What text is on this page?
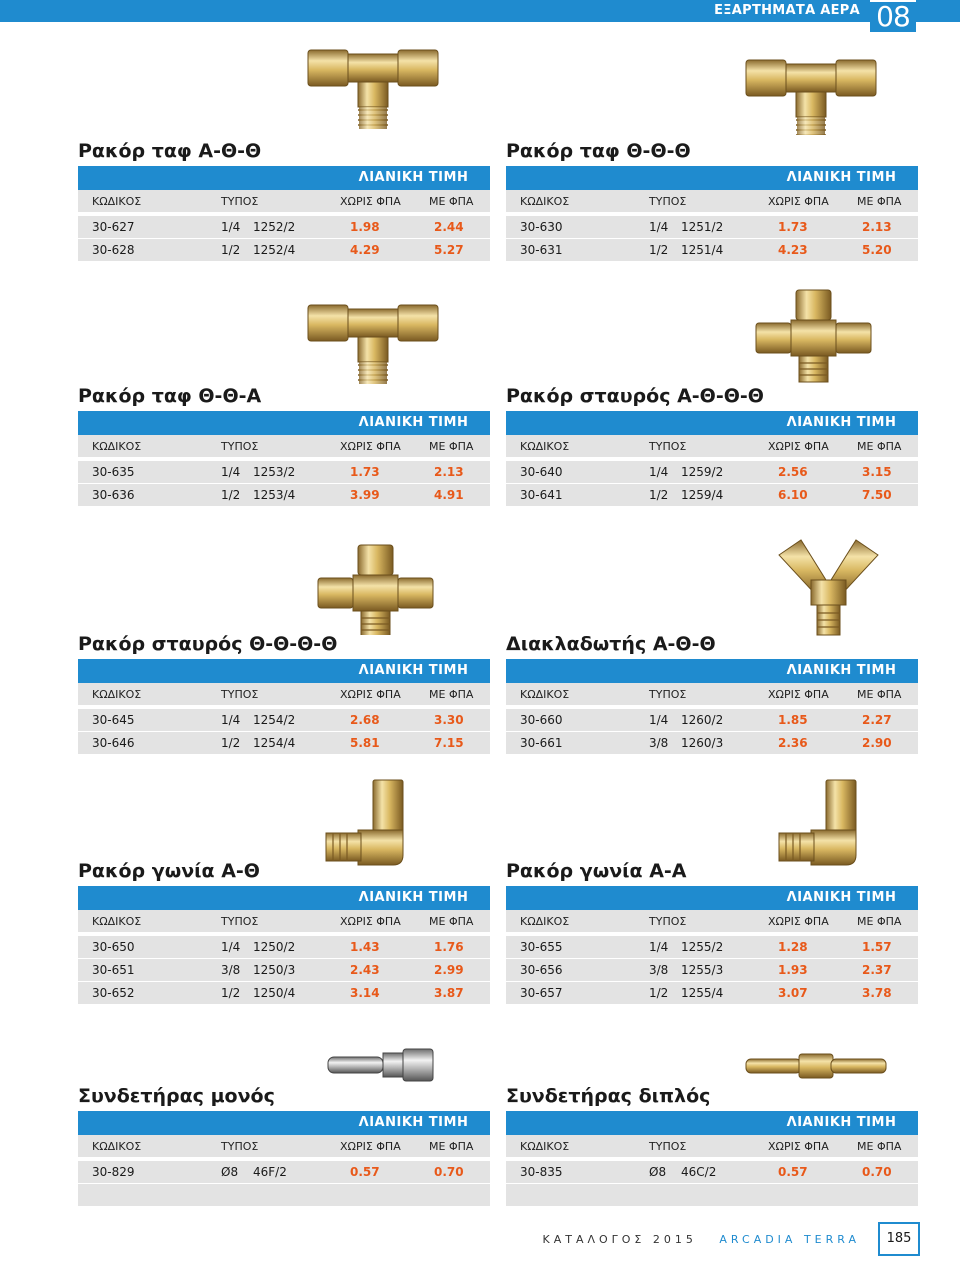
ΕΞΑΡΤΗΜΑΤΑ ΑΕΡΑ 08
Ρακόρ ταφ Α-Θ-Θ
ΛΙΑΝΙΚΗ ΤΙΜΗ
ΚΩΔΙΚΟΣ	ΤΥΠΟΣ	ΧΩΡΙΣ ΦΠΑ	ΜΕ ΦΠΑ
30-627	1/4 1252/2	1.98	2.44
30-628	1/2 1252/4	4.29	5.27
Ρακόρ ταφ Θ-Θ-Θ
ΛΙΑΝΙΚΗ ΤΙΜΗ
ΚΩΔΙΚΟΣ	ΤΥΠΟΣ	ΧΩΡΙΣ ΦΠΑ	ΜΕ ΦΠΑ
30-630	1/4 1251/2	1.73	2.13
30-631	1/2 1251/4	4.23	5.20
Ρακόρ ταφ Θ-Θ-Α
ΛΙΑΝΙΚΗ ΤΙΜΗ
ΚΩΔΙΚΟΣ	ΤΥΠΟΣ	ΧΩΡΙΣ ΦΠΑ	ΜΕ ΦΠΑ
30-635	1/4 1253/2	1.73	2.13
30-636	1/2 1253/4	3.99	4.91
Ρακόρ σταυρός Α-Θ-Θ-Θ
ΛΙΑΝΙΚΗ ΤΙΜΗ
ΚΩΔΙΚΟΣ	ΤΥΠΟΣ	ΧΩΡΙΣ ΦΠΑ	ΜΕ ΦΠΑ
30-640	1/4 1259/2	2.56	3.15
30-641	1/2 1259/4	6.10	7.50
Ρακόρ σταυρός Θ-Θ-Θ-Θ
ΛΙΑΝΙΚΗ ΤΙΜΗ
ΚΩΔΙΚΟΣ	ΤΥΠΟΣ	ΧΩΡΙΣ ΦΠΑ	ΜΕ ΦΠΑ
30-645	1/4 1254/2	2.68	3.30
30-646	1/2 1254/4	5.81	7.15
Διακλαδωτής Α-Θ-Θ
ΛΙΑΝΙΚΗ ΤΙΜΗ
ΚΩΔΙΚΟΣ	ΤΥΠΟΣ	ΧΩΡΙΣ ΦΠΑ	ΜΕ ΦΠΑ
30-660	1/4 1260/2	1.85	2.27
30-661	3/8 1260/3	2.36	2.90
Ρακόρ γωνία Α-Θ
ΛΙΑΝΙΚΗ ΤΙΜΗ
ΚΩΔΙΚΟΣ	ΤΥΠΟΣ	ΧΩΡΙΣ ΦΠΑ	ΜΕ ΦΠΑ
30-650	1/4 1250/2	1.43	1.76
30-651	3/8 1250/3	2.43	2.99
30-652	1/2 1250/4	3.14	3.87
Ρακόρ γωνία Α-Α
ΛΙΑΝΙΚΗ ΤΙΜΗ
ΚΩΔΙΚΟΣ	ΤΥΠΟΣ	ΧΩΡΙΣ ΦΠΑ	ΜΕ ΦΠΑ
30-655	1/4 1255/2	1.28	1.57
30-656	3/8 1255/3	1.93	2.37
30-657	1/2 1255/4	3.07	3.78
Συνδετήρας μονός
ΛΙΑΝΙΚΗ ΤΙΜΗ
ΚΩΔΙΚΟΣ	ΤΥΠΟΣ	ΧΩΡΙΣ ΦΠΑ	ΜΕ ΦΠΑ
30-829	Ø8 46F/2	0.57	0.70
Συνδετήρας διπλός
ΛΙΑΝΙΚΗ ΤΙΜΗ
ΚΩΔΙΚΟΣ	ΤΥΠΟΣ	ΧΩΡΙΣ ΦΠΑ	ΜΕ ΦΠΑ
30-835	Ø8 46C/2	0.57	0.70
ΚΑΤΑΛΟΓΟΣ 2015 ARCADIA TERRA	185
